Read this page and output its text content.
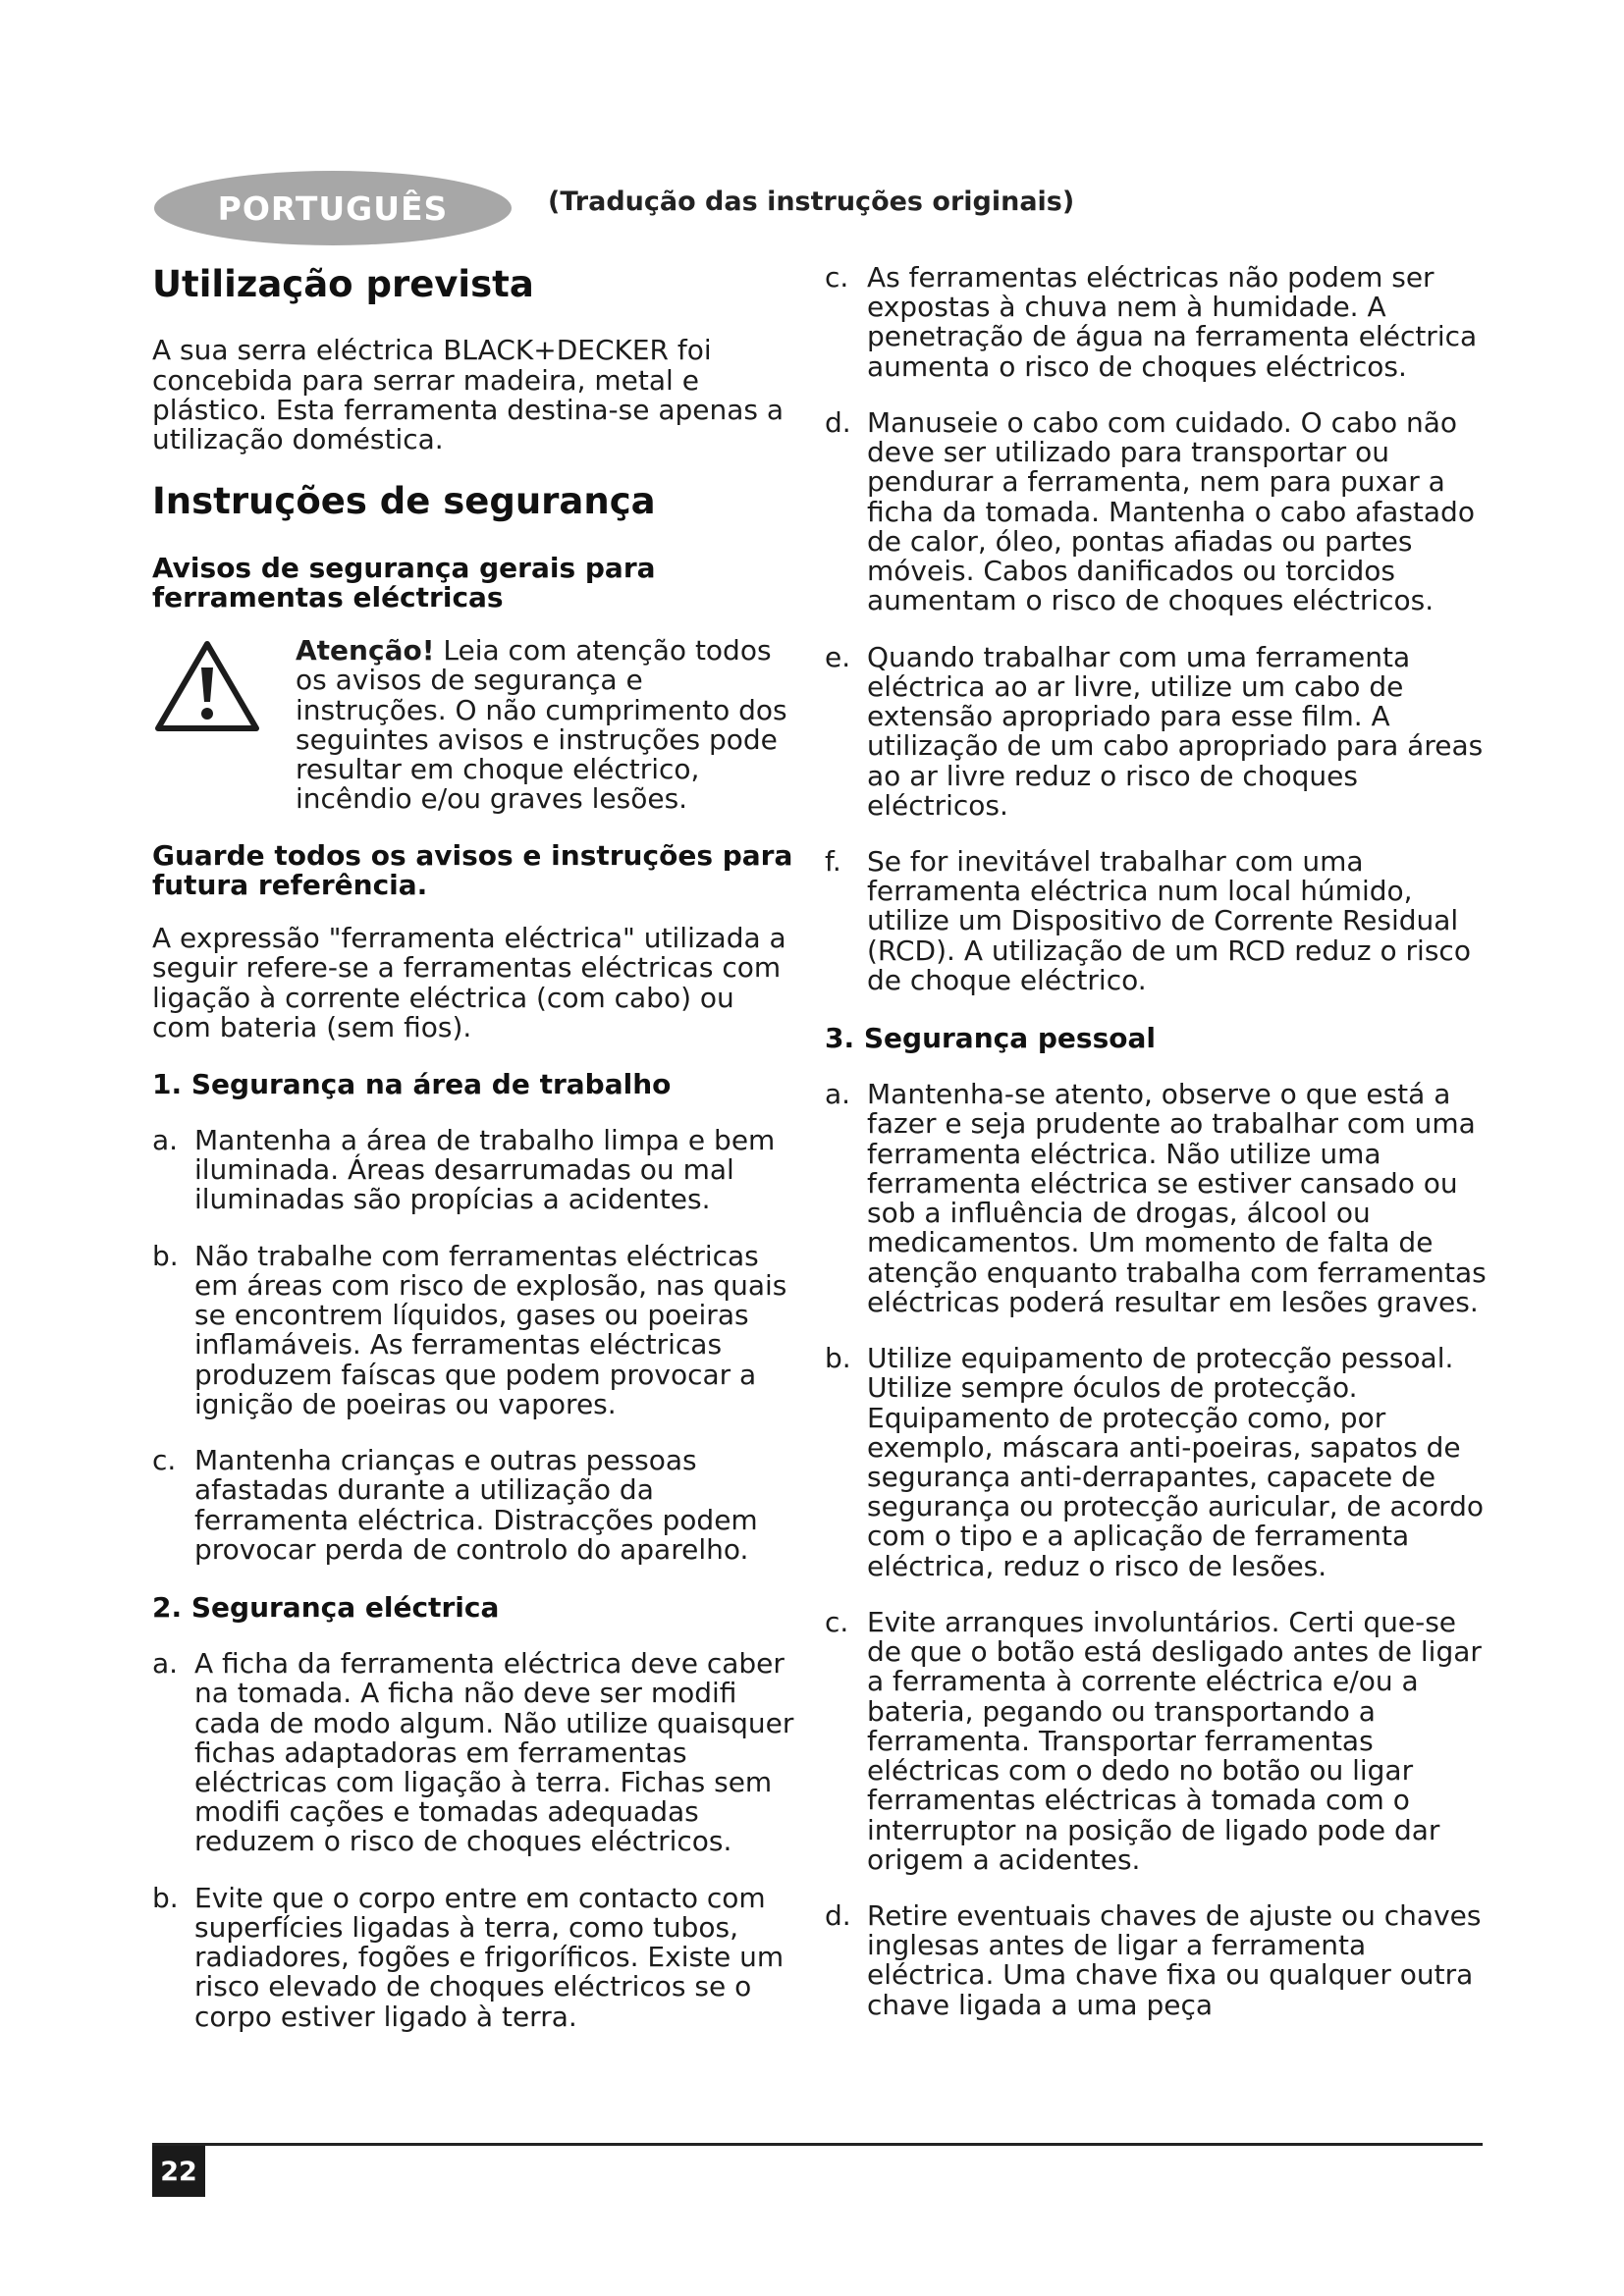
PORTUGUÊS	(Tradução das instruções originais)
Utilização prevista

A sua serra eléctrica BLACK+DECKER foi concebida para serrar madeira, metal e plástico. Esta ferramenta destina-se apenas a utilização doméstica.

Instruções de segurança
Avisos de segurança gerais para ferramentas eléctricas
Atenção! Leia com atenção todos os avisos de segurança e instruções. O não cumprimento dos seguintes avisos e instruções pode resultar em choque eléctrico, incêndio e/ou graves lesões.
Guarde todos os avisos e instruções para futura referência.

A expressão "ferramenta eléctrica" utilizada a seguir refere-se a ferramentas eléctricas com ligação à corrente eléctrica (com cabo) ou com bateria (sem fios).

1. Segurança na área de trabalho
a. Mantenha a área de trabalho limpa e bem iluminada. Áreas desarrumadas ou mal iluminadas são propícias a acidentes.
b. Não trabalhe com ferramentas eléctricas em áreas com risco de explosão, nas quais se encontrem líquidos, gases ou poeiras inflamáveis. As ferramentas eléctricas produzem faíscas que podem provocar a ignição de poeiras ou vapores.
c. Mantenha crianças e outras pessoas afastadas durante a utilização da ferramenta eléctrica. Distracções podem provocar perda de controlo do aparelho.
2. Segurança eléctrica
a. A ficha da ferramenta eléctrica deve caber na tomada. A ficha não deve ser modifi cada de modo algum. Não utilize quaisquer fichas adaptadoras em ferramentas eléctricas com ligação à terra. Fichas sem modifi cações e tomadas adequadas reduzem o risco de choques eléctricos.
b. Evite que o corpo entre em contacto com superfícies ligadas à terra, como tubos, radiadores, fogões e frigoríficos. Existe um risco elevado de choques eléctricos se o corpo estiver ligado à terra.
c. As ferramentas eléctricas não podem ser expostas à chuva nem à humidade. A penetração de água na ferramenta eléctrica aumenta o risco de choques eléctricos.
d. Manuseie o cabo com cuidado. O cabo não deve ser utilizado para transportar ou pendurar a ferramenta, nem para puxar a ficha da tomada. Mantenha o cabo afastado de calor, óleo, pontas afiadas ou partes móveis. Cabos danificados ou torcidos aumentam o risco de choques eléctricos.
e. Quando trabalhar com uma ferramenta eléctrica ao ar livre, utilize um cabo de extensão apropriado para esse film. A utilização de um cabo apropriado para áreas ao ar livre reduz o risco de choques eléctricos.
f. Se for inevitável trabalhar com uma ferramenta eléctrica num local húmido, utilize um Dispositivo de Corrente Residual (RCD). A utilização de um RCD reduz o risco de choque eléctrico.
3. Segurança pessoal
a. Mantenha-se atento, observe o que está a fazer e seja prudente ao trabalhar com uma ferramenta eléctrica. Não utilize uma ferramenta eléctrica se estiver cansado ou sob a influência de drogas, álcool ou medicamentos. Um momento de falta de atenção enquanto trabalha com ferramentas eléctricas poderá resultar em lesões graves.
b. Utilize equipamento de protecção pessoal. Utilize sempre óculos de protecção. Equipamento de protecção como, por exemplo, máscara anti-poeiras, sapatos de segurança anti-derrapantes, capacete de segurança ou protecção auricular, de acordo com o tipo e a aplicação de ferramenta eléctrica, reduz o risco de lesões.
c. Evite arranques involuntários. Certi que-se de que o botão está desligado antes de ligar a ferramenta à corrente eléctrica e/ou a bateria, pegando ou transportando a ferramenta. Transportar ferramentas eléctricas com o dedo no botão ou ligar ferramentas eléctricas à tomada com o interruptor na posição de ligado pode dar origem a acidentes.
d. Retire eventuais chaves de ajuste ou chaves inglesas antes de ligar a ferramenta eléctrica. Uma chave fixa ou qualquer outra chave ligada a uma peça
22
